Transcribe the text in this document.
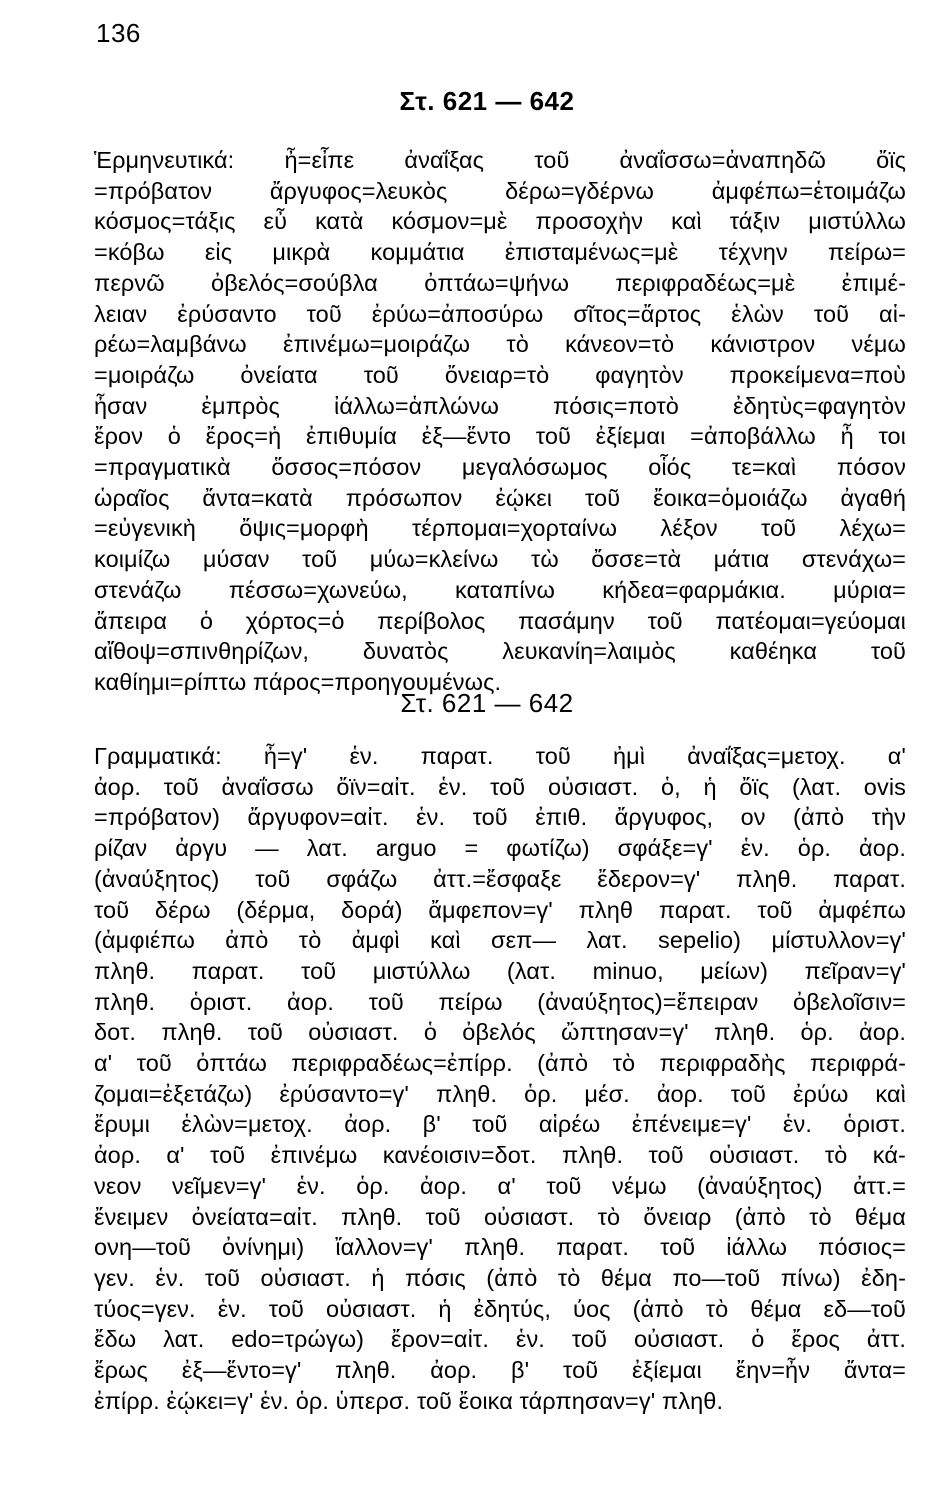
136
Στ. 621 — 642
Ἑρμηνευτικά: ἦ=εἶπε ἀναΐξας τοῦ ἀναΐσσω=ἀναπηδῶ ὄϊς
=πρόβατον ἄργυφος=λευκὸς δέρω=γδέρνω ἀμφέπω=ἑτοιμάζω
κόσμος=τάξις εὖ κατὰ κόσμον=μὲ προσοχὴν καὶ τάξιν μιστύλλω
=κόβω εἰς μικρὰ κομμάτια ἐπισταμένως=μὲ τέχνην πείρω=
περνῶ ὀβελός=σούβλα ὀπτάω=ψήνω περιφραδέως=μὲ ἐπιμέ-
λειαν ἐρύσαντο τοῦ ἐρύω=ἀποσύρω σῖτος=ἄρτος ἑλὼν τοῦ αἱ-
ρέω=λαμβάνω ἐπινέμω=μοιράζω τὸ κάνεον=τὸ κάνιστρον νέμω
=μοιράζω ὀνείατα τοῦ ὄνειαρ=τὸ φαγητὸν προκείμενα=ποὺ
ἦσαν ἐμπρὸς ἰάλλω=ἁπλώνω πόσις=ποτὸ ἐδητὺς=φαγητὸν
ἔρον ὁ ἔρος=ἡ ἐπιθυμία ἐξ—ἕντο τοῦ ἐξίεμαι =ἀποβάλλω ἦ τοι
=πραγματικὰ ὅσσος=πόσον μεγαλόσωμος οἷός τε=καὶ πόσον
ὡραῖος ἄντα=κατὰ πρόσωπον ἐῴκει τοῦ ἔοικα=ὁμοιάζω ἀγαθή
=εὐγενικὴ ὄψις=μορφὴ τέρπομαι=χορταίνω λέξον τοῦ λέχω=
κοιμίζω μύσαν τοῦ μύω=κλείνω τὼ ὄσσε=τὰ μάτια στενάχω=
στενάζω πέσσω=χωνεύω, καταπίνω κήδεα=φαρμάκια. μύρια=
ἄπειρα ὁ χόρτος=ὁ περίβολος πασάμην τοῦ πατέομαι=γεύομαι
αἴθοψ=σπινθηρίζων, δυνατὸς λευκανίη=λαιμὸς καθέηκα τοῦ
καθίημι=ρίπτω πάρος=προηγουμένως.
Στ. 621 — 642
Γραμματικά: ἦ=γ' ἑν. παρατ. τοῦ ἠμὶ ἀναΐξας=μετοχ. α'
ἀορ. τοῦ ἀναΐσσω ὄϊν=αἰτ. ἑν. τοῦ οὐσιαστ. ὁ, ἡ ὄϊς (λατ. ovis
=πρόβατον) ἄργυφον=αἰτ. ἑν. τοῦ ἐπιθ. ἄργυφος, ον (ἀπὸ τὴν
ρίζαν ἀργυ — λατ. arguo = φωτίζω) σφάξε=γ' ἑν. ὁρ. ἀορ.
(ἀναύξητος) τοῦ σφάζω ἀττ.=ἔσφαξε ἔδερον=γ' πληθ. παρατ.
τοῦ δέρω (δέρμα, δορά) ἄμφεπον=γ' πληθ παρατ. τοῦ ἀμφέπω
(ἀμφιέπω ἀπὸ τὸ ἀμφὶ καὶ σεπ— λατ. sepelio) μίστυλλον=γ'
πληθ. παρατ. τοῦ μιστύλλω (λατ. minuo, μείων) πεῖραν=γ'
πληθ. ὁριστ. ἀορ. τοῦ πείρω (ἀναύξητος)=ἔπειραν ὀβελοῖσιν=
δοτ. πληθ. τοῦ οὐσιαστ. ὁ ὀβελός ὤπτησαν=γ' πληθ. ὁρ. ἀορ.
α' τοῦ ὀπτάω περιφραδέως=ἐπίρρ. (ἀπὸ τὸ περιφραδὴς περιφρά-
ζομαι=ἐξετάζω) ἐρύσαντο=γ' πληθ. ὁρ. μέσ. ἀορ. τοῦ ἐρύω καὶ
ἔρυμι ἑλὼν=μετοχ. ἀορ. β' τοῦ αἱρέω ἐπένειμε=γ' ἑν. ὁριστ.
ἀορ. α' τοῦ ἐπινέμω κανέοισιν=δοτ. πληθ. τοῦ οὐσιαστ. τὸ κά-
νεον νεῖμεν=γ' ἑν. ὁρ. ἀορ. α' τοῦ νέμω (ἀναύξητος) ἀττ.=
ἔνειμεν ὀνείατα=αἰτ. πληθ. τοῦ οὐσιαστ. τὸ ὄνειαρ (ἀπὸ τὸ θέμα
ονη—τοῦ ὀνίνημι) ἴαλλον=γ' πληθ. παρατ. τοῦ ἰάλλω πόσιος=
γεν. ἑν. τοῦ οὐσιαστ. ἡ πόσις (ἀπὸ τὸ θέμα πο—τοῦ πίνω) ἐδη-
τύος=γεν. ἑν. τοῦ οὐσιαστ. ἡ ἐδητύς, ύος (ἀπὸ τὸ θέμα εδ—τοῦ
ἔδω λατ. edo=τρώγω) ἔρον=αἰτ. ἑν. τοῦ οὐσιαστ. ὁ ἔρος ἀττ.
ἔρως ἐξ—ἕντο=γ' πληθ. ἀορ. β' τοῦ ἐξίεμαι ἔην=ἦν ἄντα=
ἐπίρρ. ἐῴκει=γ' ἑν. ὁρ. ὑπερσ. τοῦ ἔοικα τάρπησαν=γ' πληθ.
